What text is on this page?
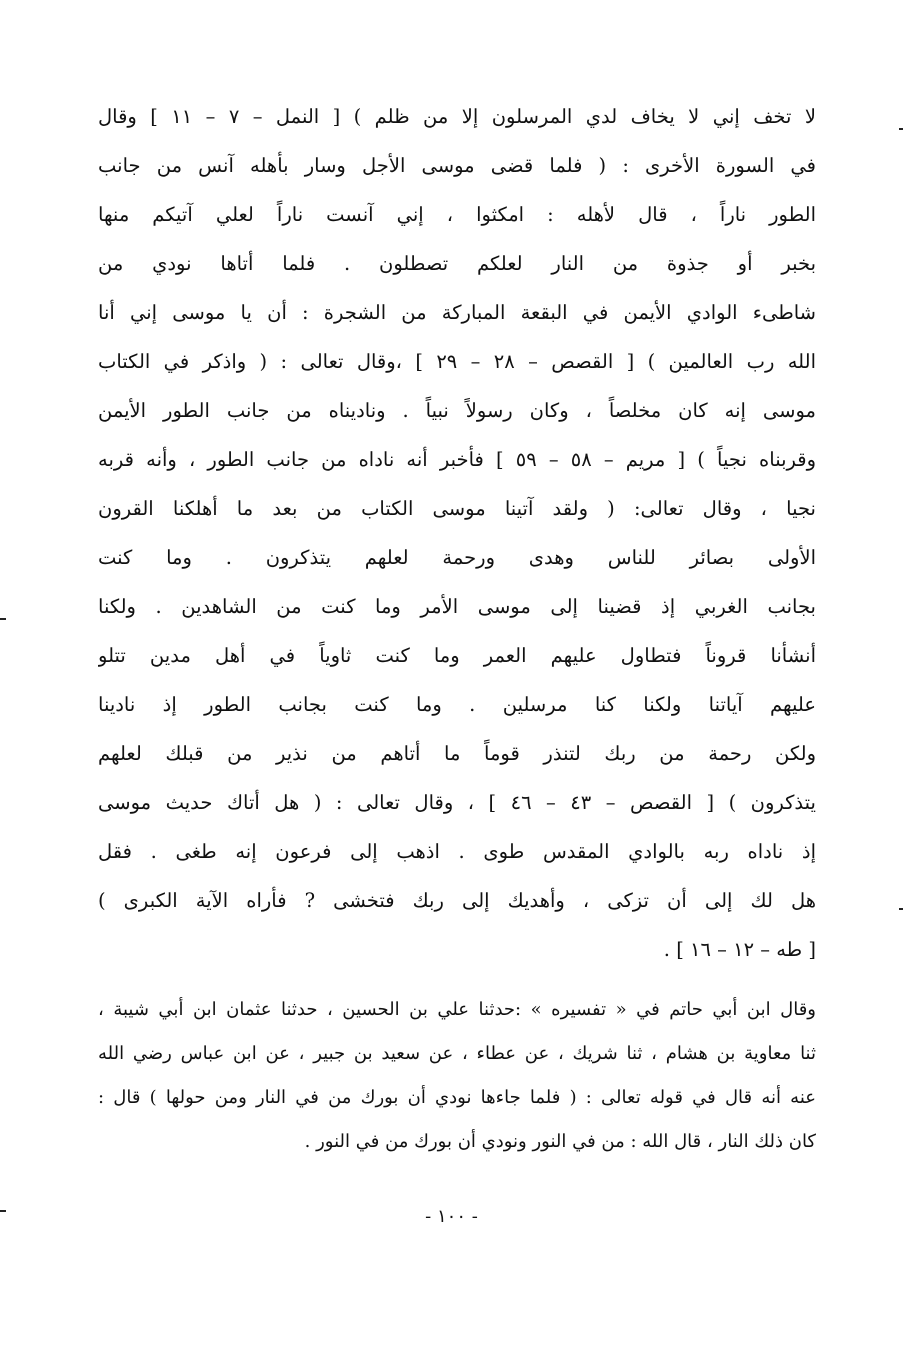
لا تخف إني لا يخاف لدي المرسلون إلا من ظلم ) [ النمل – ٧ – ١١ ] وقال
في السورة الأخرى : ( فلما قضى موسى الأجل وسار بأهله آنس من جانب
الطور ناراً ، قال لأهله : امكثوا ، إني آنست ناراً لعلي آتيكم منها
بخبر أو جذوة من النار لعلكم تصطلون . فلما أتاها نودي من
شاطىء الوادي الأيمن في البقعة المباركة من الشجرة : أن يا موسى إني أنا
الله رب العالمين ) [ القصص – ٢٨ – ٢٩ ] ،وقال تعالى : ( واذكر في الكتاب
موسى إنه كان مخلصاً ، وكان رسولاً نبياً . وناديناه من جانب الطور الأيمن
وقربناه نجياً ) [ مريم – ٥٨ – ٥٩ ] فأخبر أنه ناداه من جانب الطور ، وأنه قربه
نجيا ، وقال تعالى: ( ولقد آتينا موسى الكتاب من بعد ما أهلكنا القرون
الأولى بصائر للناس وهدى ورحمة لعلهم يتذكرون . وما كنت
بجانب الغربي إذ قضينا إلى موسى الأمر وما كنت من الشاهدين . ولكنا
أنشأنا قروناً فتطاول عليهم العمر وما كنت ثاوياً في أهل مدين تتلو
عليهم آياتنا ولكنا كنا مرسلين . وما كنت بجانب الطور إذ نادينا
ولكن رحمة من ربك لتنذر قوماً ما أتاهم من نذير من قبلك لعلهم
يتذكرون ) [ القصص – ٤٣ – ٤٦ ] ، وقال تعالى : ( هل أتاك حديث موسى
إذ ناداه ربه بالوادي المقدس طوى . اذهب إلى فرعون إنه طغى . فقل
هل لك إلى أن تزكى ، وأهديك إلى ربك فتخشى ? فأراه الآية الكبرى )
[ طه – ١٢ – ١٦ ] .
وقال ابن أبي حاتم في « تفسيره » :حدثنا علي بن الحسين ، حدثنا عثمان ابن أبي شيبة ،
ثنا معاوية بن هشام ، ثنا شريك ، عن عطاء ، عن سعيد بن جبير ، عن ابن عباس رضي الله
عنه أنه قال في قوله تعالى : ( فلما جاءها نودي أن بورك من في النار ومن حولها ) قال :
كان ذلك النار ، قال الله : من في النور ونودي أن بورك من في النور .
- ١٠٠ -
